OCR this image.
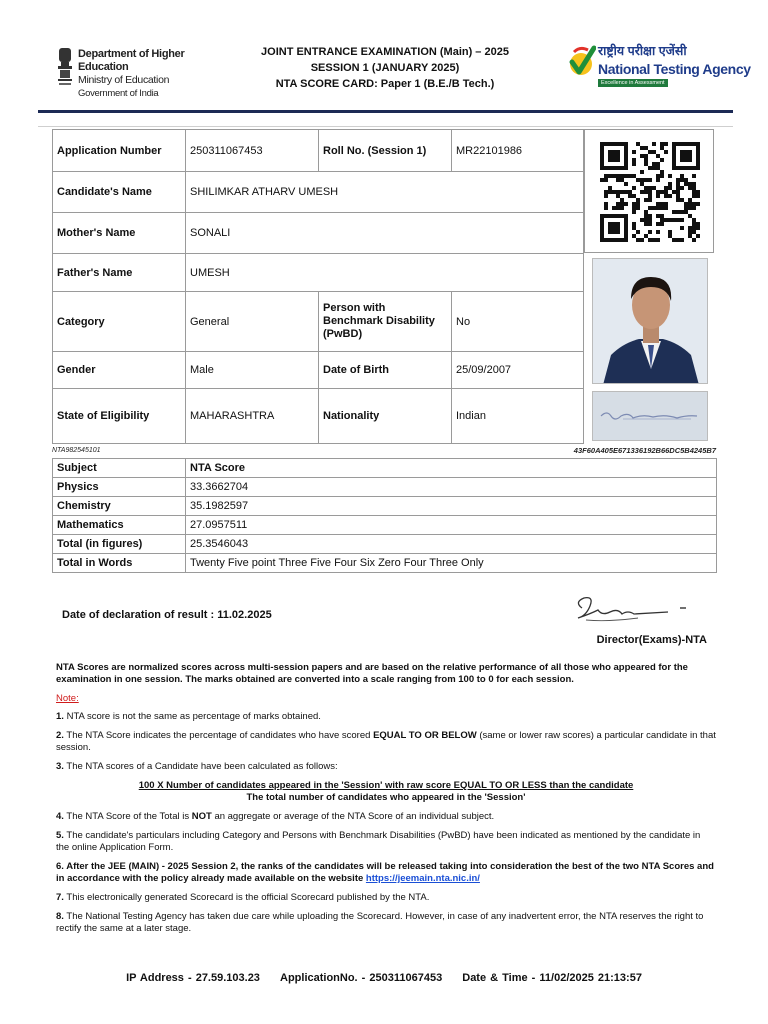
Department of Higher Education
Ministry of Education
Government of India
JOINT ENTRANCE EXAMINATION (Main) – 2025
SESSION 1 (JANUARY 2025)
NTA SCORE CARD: Paper 1 (B.E./B Tech.)
राष्ट्रीय परीक्षा एजेंसी
National Testing Agency
Excellence in Assessment
Application Number	250311067453	Roll No. (Session 1)	MR22101986
Candidate's Name	SHILIMKAR ATHARV UMESH		
Mother's Name	SONALI		
Father's Name	UMESH		
Category	General	Person with Benchmark Disability (PwBD)	No
Gender	Male	Date of Birth	25/09/2007
State of Eligibility	MAHARASHTRA	Nationality	Indian
NTA982545101	43F60A405E671336192B66DC5B4245B7
Subject	NTA Score
Physics	33.3662704
Chemistry	35.1982597
Mathematics	27.0957511
Total (in figures)	25.3546043
Total in Words	Twenty Five point Three Five Four Six Zero Four Three Only
Date of declaration of result : 11.02.2025
Director(Exams)-NTA

NTA Scores are normalized scores across multi-session papers and are based on the relative performance of all those who appeared for the examination in one session. The marks obtained are converted into a scale ranging from 100 to 0 for each session.

Note:

1. NTA score is not the same as percentage of marks obtained.

2. The NTA Score indicates the percentage of candidates who have scored EQUAL TO OR BELOW (same or lower raw scores) a particular candidate in that session.

3. The NTA scores of a Candidate have been calculated as follows:

100 X Number of candidates appeared in the 'Session' with raw score EQUAL TO OR LESS than the candidate
The total number of candidates who appeared in the 'Session'

4. The NTA Score of the Total is NOT an aggregate or average of the NTA Score of an individual subject.

5. The candidate's particulars including Category and Persons with Benchmark Disabilities (PwBD) have been indicated as mentioned by the candidate in the online Application Form.

6. After the JEE (MAIN) - 2025 Session 2, the ranks of the candidates will be released taking into consideration the best of the two NTA Scores and in accordance with the policy already made available on the website https://jeemain.nta.nic.in/

7. This electronically generated Scorecard is the official Scorecard published by the NTA.

8. The National Testing Agency has taken due care while uploading the Scorecard. However, in case of any inadvertent error, the NTA reserves the right to rectify the same at a later stage.

IP Address - 27.59.103.23 ApplicationNo. - 250311067453 Date & Time - 11/02/2025 21:13:57
